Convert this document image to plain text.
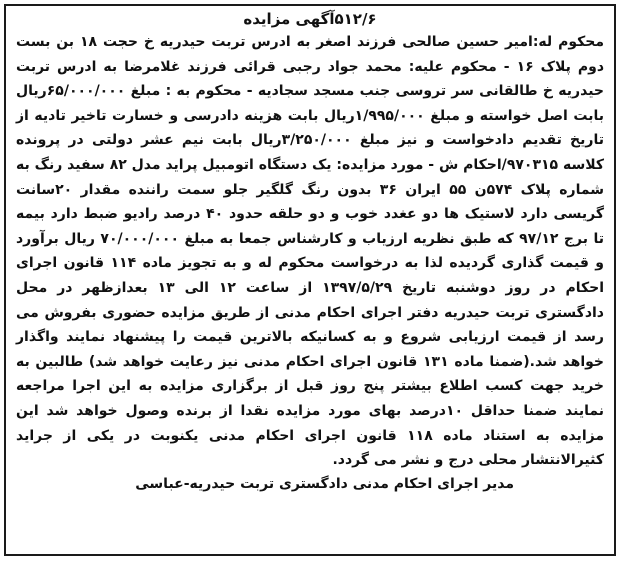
۵۱۲/۶آگهی مزایده

محکوم له:امیر حسین صالحی فرزند اصغر به ادرس تربت حیدریه خ حجت ۱۸ بن بست دوم پلاک ۱۶ - محکوم علیه: محمد جواد رجبی قرائی فرزند غلامرضا به ادرس تربت حیدریه خ طالقانی سر تروسی جنب مسجد سجادیه - محکوم به : مبلغ ۶۵/۰۰۰/۰۰۰ریال بابت اصل خواسته و مبلغ ۱/۹۹۵/۰۰۰ریال بابت هزینه دادرسی و خسارت تاخیر تادیه از تاریخ تقدیم دادخواست و نیز مبلغ ۳/۲۵۰/۰۰۰ریال بابت نیم عشر دولتی در پرونده کلاسه ۹۷۰۳۱۵/احکام ش - مورد مزایده: یک دستگاه اتومبیل پراید مدل ۸۲ سفید رنگ به شماره پلاک ۵۷۴ن ۵۵ ایران ۳۶ بدون رنگ گلگیر جلو سمت راننده مقدار ۲۰سانت گریسی دارد لاستیک ها دو عغدد خوب و دو حلقه حدود ۴۰ درصد رادیو ضبط دارد بیمه تا برج ۹۷/۱۲ که طبق نظریه ارزیاب و کارشناس جمعا به مبلغ ۷۰/۰۰۰/۰۰۰ ریال برآورد و قیمت گذاری گردیده لذا به درخواست محکوم له و به تجویز ماده ۱۱۴ قانون اجرای احکام در روز دوشنبه تاریخ ۱۳۹۷/۵/۲۹ از ساعت ۱۲ الی ۱۳ بعدازظهر در محل دادگستری تربت حیدریه دفتر اجرای احکام مدنی از طریق مزایده حضوری بفروش می رسد از قیمت ارزیابی شروع و به کسانیکه بالاترین قیمت را پیشنهاد نمایند واگذار خواهد شد.(ضمنا ماده ۱۳۱ قانون اجرای احکام مدنی نیز رعایت خواهد شد) طالبین به خرید جهت کسب اطلاع بیشتر پنج روز قبل از برگزاری مزایده به این اجرا مراجعه نمایند ضمنا حداقل ۱۰درصد بهای مورد مزایده نقدا از برنده وصول خواهد شد این مزایده به استناد ماده ۱۱۸ قانون اجرای احکام مدنی یکنوبت در یکی از جراید کثیرالانتشار محلی درج و نشر می گردد.

مدیر اجرای احکام مدنی دادگستری تربت حیدریه-عباسی
